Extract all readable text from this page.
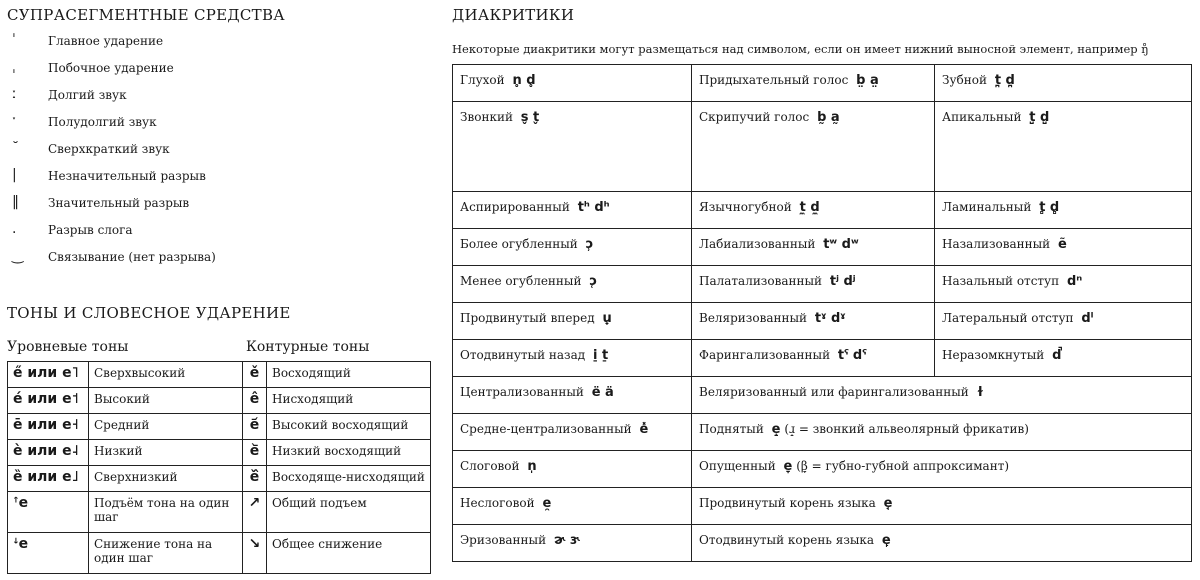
СУПРАСЕГМЕНТНЫЕ СРЕДСТВА
ˈ	Главное ударение
ˌ	Побочное ударение
ː	Долгий звук
ˑ	Полудолгий звук
˘	Сверхкраткий звук
|	Незначительный разрыв
‖	Значительный разрыв
.	Разрыв слога
‿	Связывание (нет разрыва)
ТОНЫ И СЛОВЕСНОЕ УДАРЕНИЕ
Уровневые тоны	Контурные тоны
e̋ или e˥	Сверхвысокий	ě	Восходящий
é или e˦	Высокий	ê	Нисходящий
ē или e˧	Средний	e᷄	Высокий восходящий
è или e˨	Низкий	e᷅	Низкий восходящий
ȅ или e˩	Сверхнизкий	e᷈	Восходяще-нисходящий
ꜛe	Подъём тона на один шаг	↗	Общий подъем
ꜜe	Снижение тона на один шаг	↘	Общее снижение
ДИАКРИТИКИ
Некоторые диакритики могут размещаться над символом, если он имеет нижний выносной элемент, например ŋ̊
Глухой n̥ d̥	Придыхательный голос b̤ a̤	Зубной t̪ d̪
Звонкий s̬ t̬	Скрипучий голос b̰ a̰	Апикальный t̺ d̺
Аспирированный tʰ dʰ	Язычногубной t̼ d̼	Ламинальный t̻ d̻
Более огубленный ɔ̹	Лабиализованный tʷ dʷ	Назализованный ẽ
Менее огубленный ɔ̜	Палатализованный tʲ dʲ	Назальный отступ dⁿ
Продвинутый вперед u̟	Веляризованный tˠ dˠ	Латеральный отступ dˡ
Отодвинутый назад i̠ t̠	Фарингализованный tˤ dˤ	Неразомкнутый d̚
Централизованный ë ä	Веляризованный или фарингализованный ɫ	
Средне-централизованный e̽	Поднятый e̝ (ɹ̝ = звонкий альвеолярный фрикатив)	
Слоговой n̩	Опущенный e̞ (β̞ = губно-губной аппроксимант)	
Неслоговой e̯	Продвинутый корень языка e̘	
Эризованный ɚ ɝ	Отодвинутый корень языка e̙	
